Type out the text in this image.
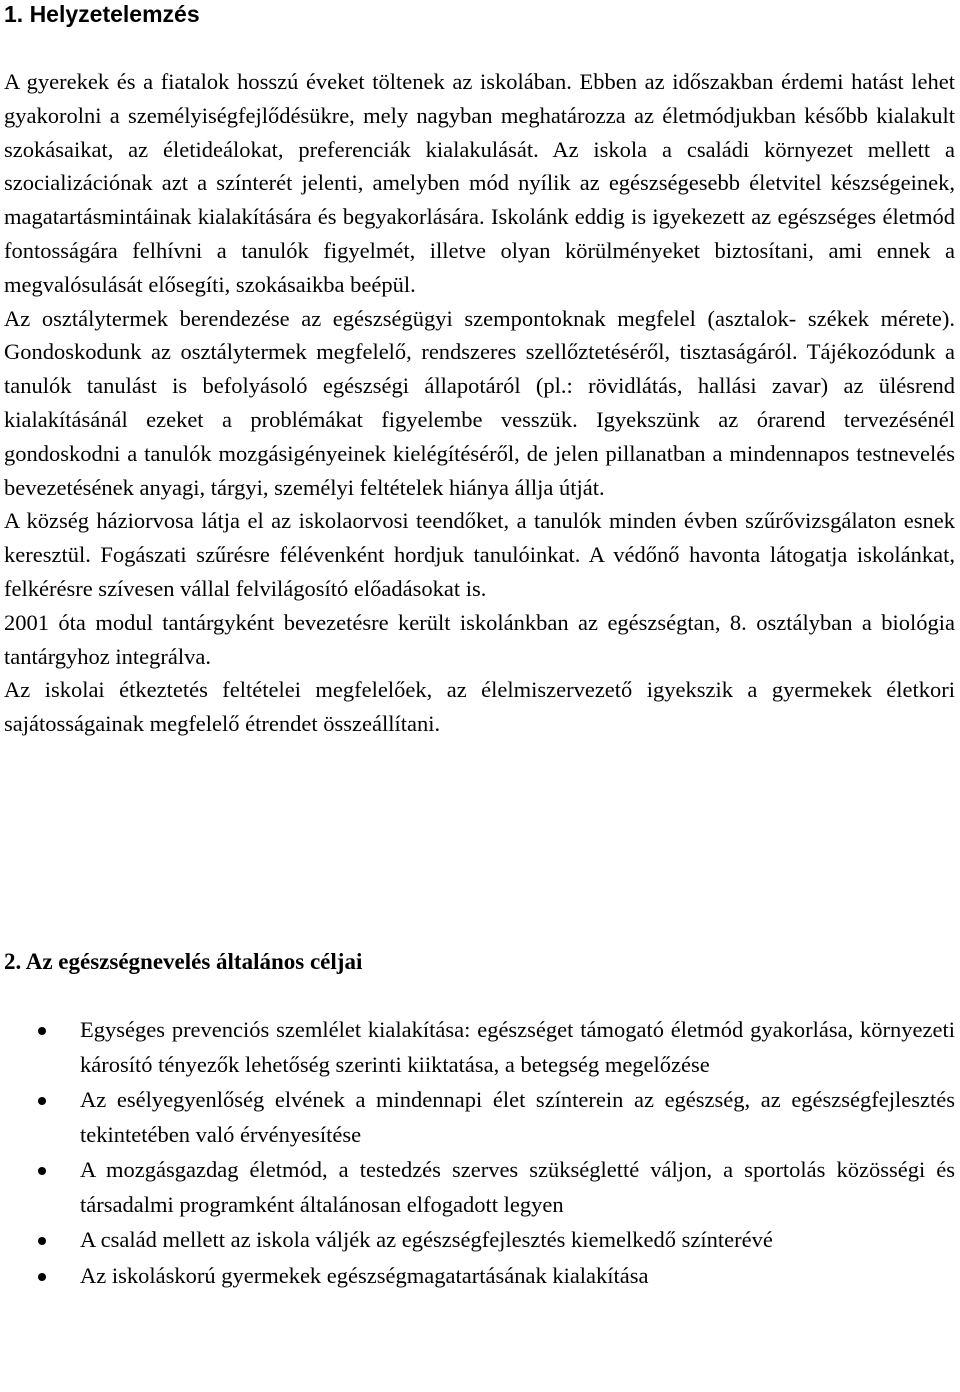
1. Helyzetelemzés

A gyerekek és a fiatalok hosszú éveket töltenek az iskolában. Ebben az időszakban érdemi hatást lehet gyakorolni a személyiségfejlődésükre, mely nagyban meghatározza az életmódjukban később kialakult szokásaikat, az életideálokat, preferenciák kialakulását. Az iskola a családi környezet mellett a szocializációnak azt a színterét jelenti, amelyben mód nyílik az egészségesebb életvitel készségeinek, magatartásmintáinak kialakítására és begyakorlására. Iskolánk eddig is igyekezett az egészséges életmód fontosságára felhívni a tanulók figyelmét, illetve olyan körülményeket biztosítani, ami ennek a megvalósulását elősegíti, szokásaikba beépül.

Az osztálytermek berendezése az egészségügyi szempontoknak megfelel (asztalok- székek mérete). Gondoskodunk az osztálytermek megfelelő, rendszeres szellőztetéséről, tisztaságáról. Tájékozódunk a tanulók tanulást is befolyásoló egészségi állapotáról (pl.: rövidlátás, hallási zavar) az ülésrend kialakításánál ezeket a problémákat figyelembe vesszük. Igyekszünk az órarend tervezésénél gondoskodni a tanulók mozgásigényeinek kielégítéséről, de jelen pillanatban a mindennapos testnevelés bevezetésének anyagi, tárgyi, személyi feltételek hiánya állja útját.

A község háziorvosa látja el az iskolaorvosi teendőket, a tanulók minden évben szűrővizsgálaton esnek keresztül. Fogászati szűrésre félévenként hordjuk tanulóinkat. A védőnő havonta látogatja iskolánkat, felkérésre szívesen vállal felvilágosító előadásokat is.

2001 óta modul tantárgyként bevezetésre került iskolánkban az egészségtan, 8. osztályban a biológia tantárgyhoz integrálva.

Az iskolai étkeztetés feltételei megfelelőek, az élelmiszervezető igyekszik a gyermekek életkori sajátosságainak megfelelő étrendet összeállítani.

2. Az egészségnevelés általános céljai
Egységes prevenciós szemlélet kialakítása: egészséget támogató életmód gyakorlása, környezeti károsító tényezők lehetőség szerinti kiiktatása, a betegség megelőzése
Az esélyegyenlőség elvének a mindennapi élet színterein az egészség, az egészségfejlesztés tekintetében való érvényesítése
A mozgásgazdag életmód, a testedzés szerves szükségletté váljon, a sportolás közösségi és társadalmi programként általánosan elfogadott legyen
A család mellett az iskola váljék az egészségfejlesztés kiemelkedő színterévé
Az iskoláskorú gyermekek egészségmagatartásának kialakítása
